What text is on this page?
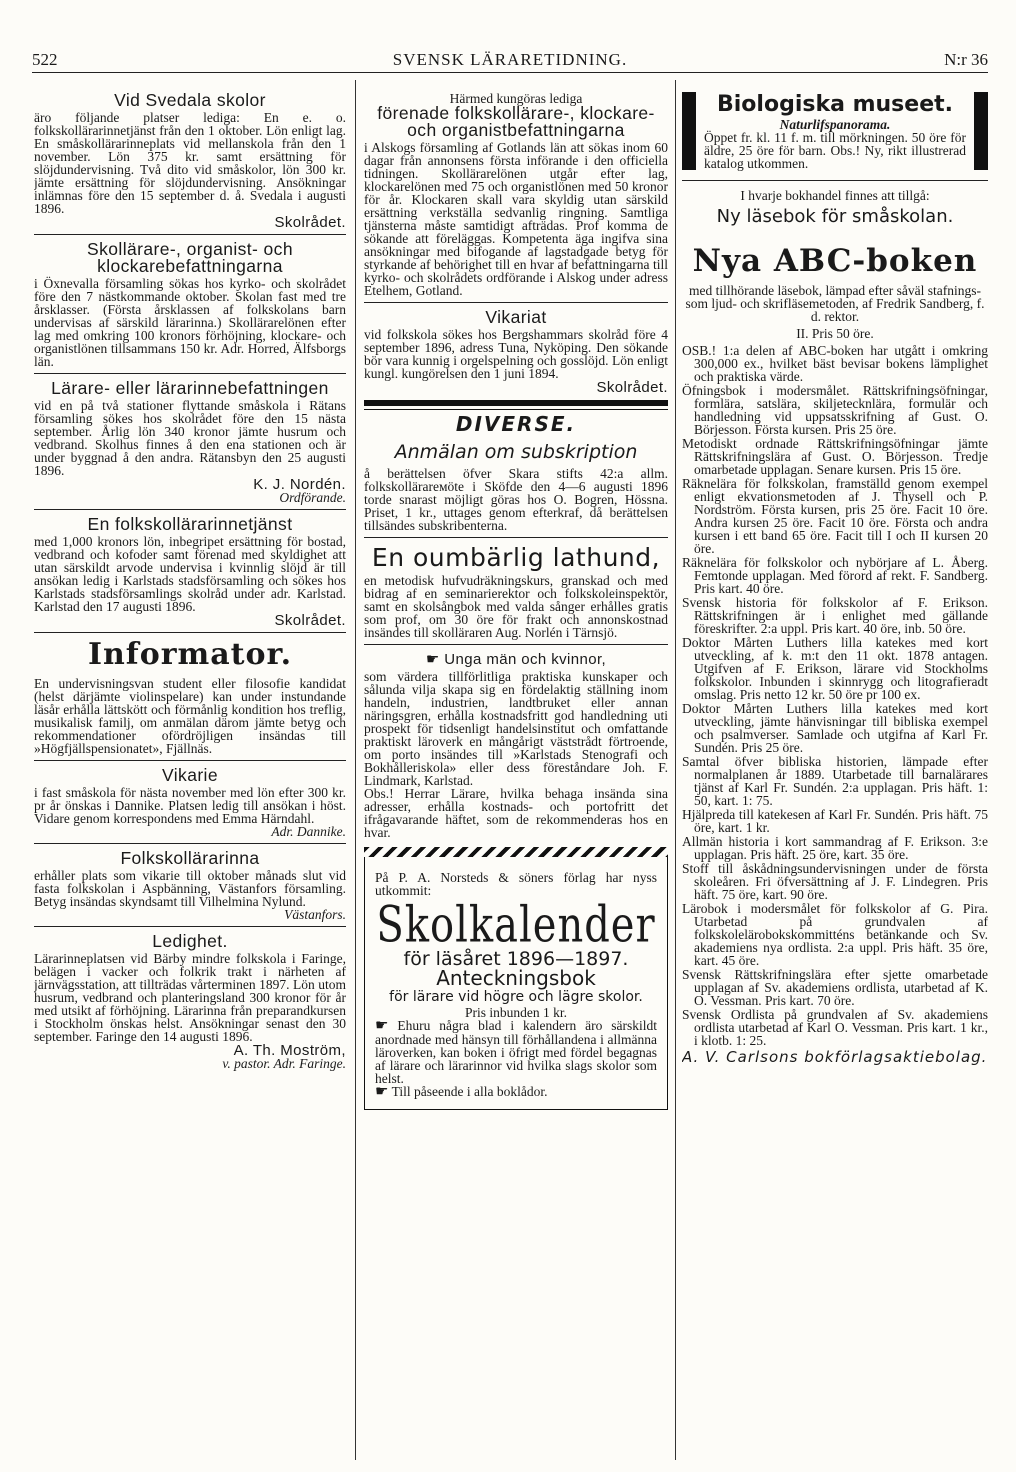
522	SVENSK LÄRARETIDNING.	N:r 36
Vid Svedala skolor

äro följande platser lediga: En e. o. folkskollärarinnetjänst från den 1 oktober. Lön enligt lag. En småskollärarinneplats vid mellanskola från den 1 november. Lön 375 kr. samt ersättning för slöjdundervisning. Två dito vid småskolor, lön 300 kr. jämte ersättning för slöjdundervisning. Ansökningar inlämnas före den 15 september d. å. Svedala i augusti 1896.

Skolrådet.

Skollärare-, organist- och klockarebefattningarna

i Öxnevalla församling sökas hos kyrko- och skolrådet före den 7 nästkommande oktober. Skolan fast med tre årsklasser. (Första årsklassen af folkskolans barn undervisas af särskild lärarinna.) Skollärarelönen efter lag med omkring 100 kronors förhöjning, klockare- och organistlönen tillsammans 150 kr. Adr. Horred, Älfsborgs län.

Lärare- eller lärarinnebefattningen

vid en på två stationer flyttande småskola i Rätans församling sökes hos skolrådet före den 15 nästa september. Årlig lön 340 kronor jämte husrum och vedbrand. Skolhus finnes å den ena stationen och är under byggnad å den andra. Rätansbyn den 25 augusti 1896.

K. J. Nordén.

Ordförande.

En folkskollärarinnetjänst

med 1,000 kronors lön, inbegripet ersättning för bostad, vedbrand och kofoder samt förenad med skyldighet att utan särskildt arvode undervisa i kvinnlig slöjd är till ansökan ledig i Karlstads stadsförsamling och sökes hos Karlstads stadsförsamlings skolråd under adr. Karlstad. Karlstad den 17 augusti 1896.

Skolrådet.

Informator.

En undervisningsvan student eller filosofie kandidat (helst därjämte violinspelare) kan under instundande läsår erhålla lättskött och förmånlig kondition hos treflig, musikalisk familj, om anmälan därom jämte betyg och rekommendationer ofördröjligen insändas till »Högfjällspensionatet», Fjällnäs.

Vikarie

i fast småskola för nästa november med lön efter 300 kr. pr år önskas i Dannike. Platsen ledig till ansökan i höst. Vidare genom korrespondens med Emma Härndahl.

Adr. Dannike.

Folkskollärarinna

erhåller plats som vikarie till oktober månads slut vid fasta folkskolan i Aspbänning, Västanfors församling. Betyg insändas skyndsamt till Vilhelmina Nylund.

Västanfors.

Ledighet.

Lärarinneplatsen vid Bärby mindre folkskola i Faringe, belägen i vacker och folkrik trakt i närheten af järnvägsstation, att tillträdas vårterminen 1897. Lön utom husrum, vedbrand och planteringsland 300 kronor för år med utsikt af förhöjning. Lärarinna från preparandkursen i Stockholm önskas helst. Ansökningar senast den 30 september. Faringe den 14 augusti 1896.

A. Th. Moström,

v. pastor. Adr. Faringe.

Härmed kungöras lediga

förenade folkskollärare-, klockare- och organistbefattningarna

i Alskogs församling af Gotlands län att sökas inom 60 dagar från annonsens första införande i den officiella tidningen. Skollärarelönen utgår efter lag, klockarelönen med 75 och organistlönen med 50 kronor för år. Klockaren skall vara skyldig utan särskild ersättning verkställa sedvanlig ringning. Samtliga tjänsterna måste samtidigt afträdas. Prof komma de sökande att föreläggas. Kompetenta äga ingifva sina ansökningar med bifogande af lagstadgade betyg för styrkande af behörighet till en hvar af befattningarna till kyrko- och skolrådets ordförande i Alskog under adress Etelhem, Gotland.

Vikariat

vid folkskola sökes hos Bergshammars skolråd före 4 september 1896, adress Tuna, Nyköping. Den sökande bör vara kunnig i orgelspelning och gosslöjd. Lön enligt kungl. kungörelsen den 1 juni 1894.

Skolrådet.

DIVERSE.
Anmälan om subskription

å berättelsen öfver Skara stifts 42:a allm. folkskollärareмöte i Sköfde den 4—6 augusti 1896 torde snarast möjligt göras hos O. Bogren, Hössna. Priset, 1 kr., uttages genom efterkraf, då berättelsen tillsändes subskribenterna.

En oumbärlig lathund,

en metodisk hufvudräkningskurs, granskad och med bidrag af en seminarierektor och folkskoleinspektör, samt en skolsångbok med valda sånger erhålles gratis som prof, om 30 öre för frakt och annonskostnad insändes till skolläraren Aug. Norlén i Tärnsjö.

☛ Unga män och kvinnor,

som värdera tillförlitliga praktiska kunskaper och sålunda vilja skapa sig en fördelaktig ställning inom handeln, industrien, landtbruket eller annan näringsgren, erhålla kostnadsfritt god handledning uti prospekt för tidsenligt handelsinstitut och omfattande praktiskt läroverk en mångårigt väststrådt förtroende, om porto insändes till »Karlstads Stenografi och Bokhålleriskola» eller dess föreståndare Joh. F. Lindmark, Karlstad.

Obs.! Herrar Lärare, hvilka behaga insända sina adresser, erhålla kostnads- och portofritt det ifrågavarande häftet, som de rekommenderas hos en hvar.

På P. A. Norsteds & söners förlag har nyss utkommit:

Skolkalender
för läsåret 1896—1897.
Anteckningsbok
för lärare vid högre och lägre skolor.

Pris inbunden 1 kr.

☛ Ehuru några blad i kalendern äro särskildt anordnade med hänsyn till förhållandena i allmänna läroverken, kan boken i öfrigt med fördel begagnas af lärare och lärarinnor vid hvilka slags skolor som helst.

☛ Till påseende i alla boklådor.

Biologiska museet.
Naturlifspanorama.

Öppet fr. kl. 11 f. m. till mörkningen. 50 öre för äldre, 25 öre för barn. Obs.! Ny, rikt illustrerad katalog utkommen.

I hvarje bokhandel finnes att tillgå:

Ny läsebok för småskolan.
Nya ABC-boken

med tillhörande läsebok, lämpad efter såväl stafnings- som ljud- och skrifläsemetoden, af Fredrik Sandberg, f. d. rektor.

II. Pris 50 öre.

OSB.! 1:a delen af ABC-boken har utgått i omkring 300,000 ex., hvilket bäst bevisar bokens lämplighet och praktiska värde.

Öfningsbok i modersmålet. Rättskrifningsöfningar, formlära, satslära, skiljetecknlära, formulär och handledning vid uppsatsskrifning af Gust. O. Börjesson. Första kursen. Pris 25 öre.

Metodiskt ordnade Rättskrifningsöfningar jämte Rättskrifningslära af Gust. O. Börjesson. Tredje omarbetade upplagan. Senare kursen. Pris 15 öre.

Räknelära för folkskolan, framställd genom exempel enligt ekvationsmetoden af J. Thysell och P. Nordström. Första kursen, pris 25 öre. Facit 10 öre. Andra kursen 25 öre. Facit 10 öre. Första och andra kursen i ett band 65 öre. Facit till I och II kursen 20 öre.

Räknelära för folkskolor och nybörjare af L. Åberg. Femtonde upplagan. Med förord af rekt. F. Sandberg. Pris kart. 40 öre.

Svensk historia för folkskolor af F. Erikson. Rättskrifningen är i enlighet med gällande föreskrifter. 2:a uppl. Pris kart. 40 öre, inb. 50 öre.

Doktor Mårten Luthers lilla katekes med kort utveckling, af k. m:t den 11 okt. 1878 antagen. Utgifven af F. Erikson, lärare vid Stockholms folkskolor. Inbunden i skinnrygg och litografieradt omslag. Pris netto 12 kr. 50 öre pr 100 ex.

Doktor Mårten Luthers lilla katekes med kort utveckling, jämte hänvisningar till bibliska exempel och psalmverser. Samlade och utgifna af Karl Fr. Sundén. Pris 25 öre.

Samtal öfver bibliska historien, lämpade efter normalplanen år 1889. Utarbetade till barnalärares tjänst af Karl Fr. Sundén. 2:a upplagan. Pris häft. 1: 50, kart. 1: 75.

Hjälpreda till katekesen af Karl Fr. Sundén. Pris häft. 75 öre, kart. 1 kr.

Allmän historia i kort sammandrag af F. Erikson. 3:e upplagan. Pris häft. 25 öre, kart. 35 öre.

Stoff till åskådningsundervisningen under de första skoleåren. Fri öfversättning af J. F. Lindegren. Pris häft. 75 öre, kart. 90 öre.

Lärobok i modersmålet för folkskolor af G. Pira. Utarbetad på grundvalen af folkskolelärobokskommitténs betänkande och Sv. akademiens nya ordlista. 2:a uppl. Pris häft. 35 öre, kart. 45 öre.

Svensk Rättskrifningslära efter sjette omarbetade upplagan af Sv. akademiens ordlista, utarbetad af K. O. Vessman. Pris kart. 70 öre.

Svensk Ordlista på grundvalen af Sv. akademiens ordlista utarbetad af Karl O. Vessman. Pris kart. 1 kr., i klotb. 1: 25.

A. V. Carlsons bokförlagsaktiebolag.
